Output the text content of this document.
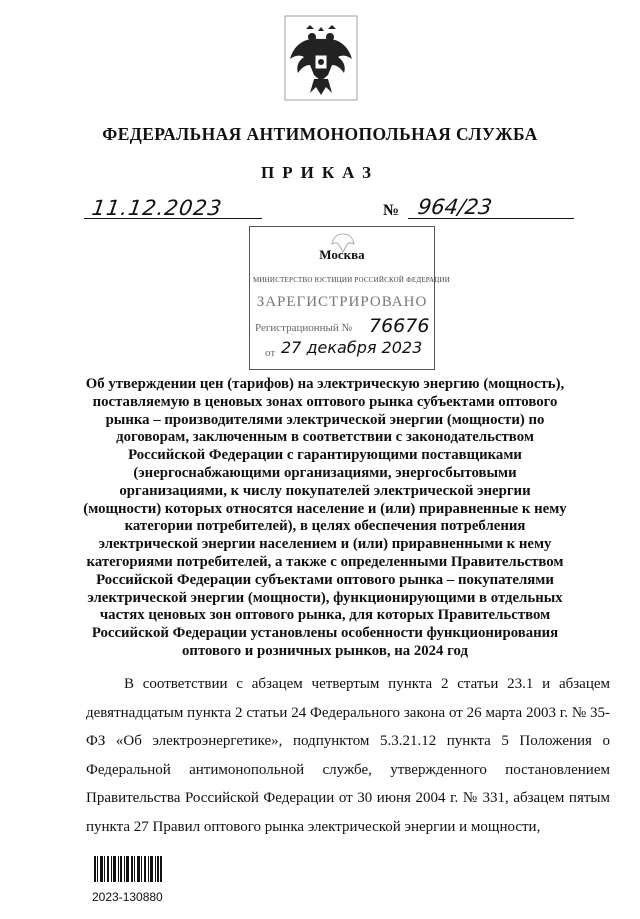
ФЕДЕРАЛЬНАЯ АНТИМОНОПОЛЬНАЯ СЛУЖБА
ПРИКАЗ
11.12.2023	№ 964/23
Москва
МИНИСТЕРСТВО ЮСТИЦИИ РОССИЙСКОЙ ФЕДЕРАЦИИ
ЗАРЕГИСТРИРОВАНО
Регистрационный № 76676
от 27 декабря 2023
Об утверждении цен (тарифов) на электрическую энергию (мощность), поставляемую в ценовых зонах оптового рынка субъектами оптового рынка – производителями электрической энергии (мощности) по договорам, заключенным в соответствии с законодательством Российской Федерации с гарантирующими поставщиками (энергоснабжающими организациями, энергосбытовыми организациями, к числу покупателей электрической энергии (мощности) которых относятся население и (или) приравненные к нему категории потребителей), в целях обеспечения потребления электрической энергии населением и (или) приравненными к нему категориями потребителей, а также с определенными Правительством Российской Федерации субъектами оптового рынка – покупателями электрической энергии (мощности), функционирующими в отдельных частях ценовых зон оптового рынка, для которых Правительством Российской Федерации установлены особенности функционирования оптового и розничных рынков, на 2024 год
В соответствии с абзацем четвертым пункта 2 статьи 23.1 и абзацем девятнадцатым пункта 2 статьи 24 Федерального закона от 26 марта 2003 г. № 35-ФЗ «Об электроэнергетике», подпунктом 5.3.21.12 пункта 5 Положения о Федеральной антимонопольной службе, утвержденного постановлением Правительства Российской Федерации от 30 июня 2004 г. № 331, абзацем пятым пункта 27 Правил оптового рынка электрической энергии и мощности,
2023-130880
